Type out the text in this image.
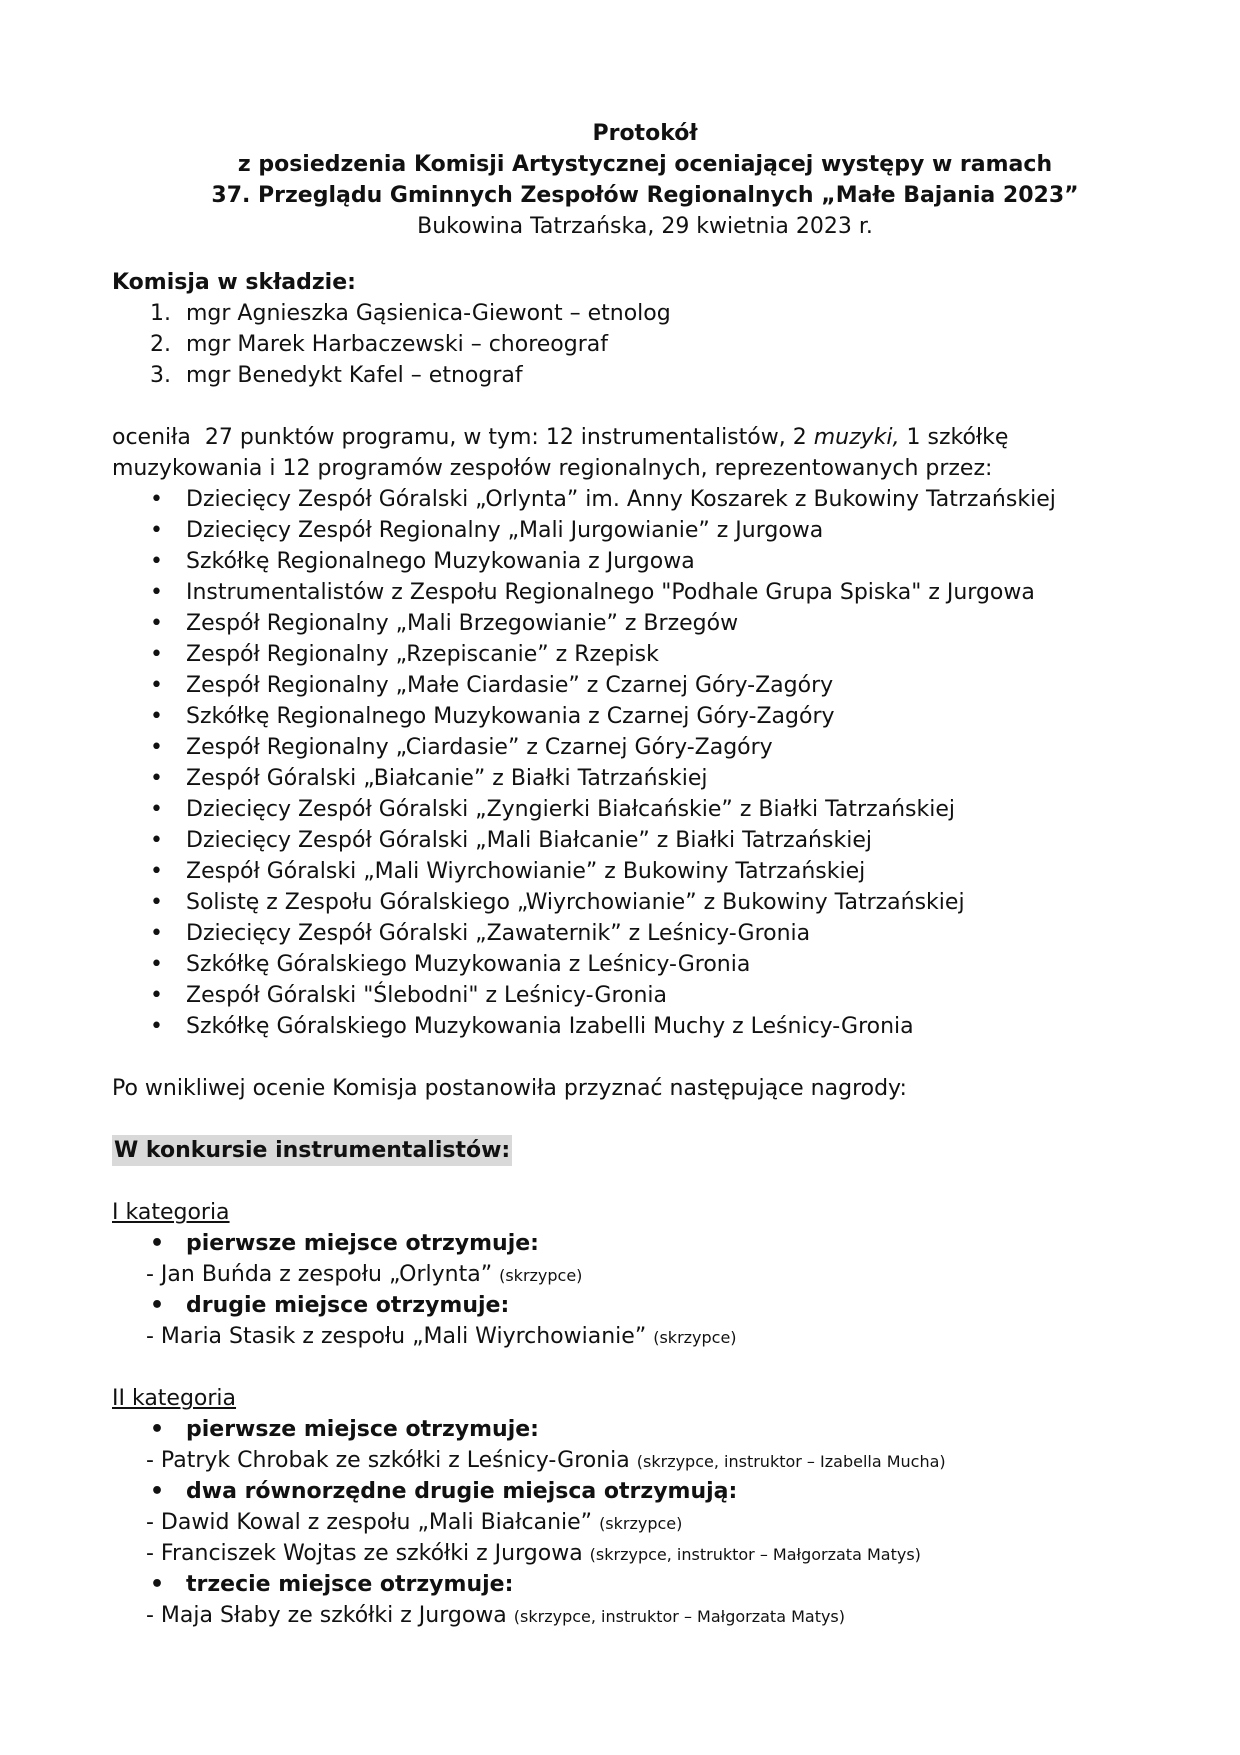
Protokół
z posiedzenia Komisji Artystycznej oceniającej występy w ramach
37. Przeglądu Gminnych Zespołów Regionalnych „Małe Bajania 2023”
Bukowina Tatrzańska, 29 kwietnia 2023 r.
Komisja w składzie:
1. mgr Agnieszka Gąsienica-Giewont – etnolog
2. mgr Marek Harbaczewski – choreograf
3. mgr Benedykt Kafel – etnograf
oceniła  27 punktów programu, w tym: 12 instrumentalistów, 2 muzyki, 1 szkółkę
muzykowania i 12 programów zespołów regionalnych, reprezentowanych przez:
• Dziecięcy Zespół Góralski „Orlynta” im. Anny Koszarek z Bukowiny Tatrzańskiej
• Dziecięcy Zespół Regionalny „Mali Jurgowianie” z Jurgowa
• Szkółkę Regionalnego Muzykowania z Jurgowa
• Instrumentalistów z Zespołu Regionalnego "Podhale Grupa Spiska" z Jurgowa
• Zespół Regionalny „Mali Brzegowianie” z Brzegów
• Zespół Regionalny „Rzepiscanie” z Rzepisk
• Zespół Regionalny „Małe Ciardasie” z Czarnej Góry-Zagóry
• Szkółkę Regionalnego Muzykowania z Czarnej Góry-Zagóry
• Zespół Regionalny „Ciardasie” z Czarnej Góry-Zagóry
• Zespół Góralski „Białcanie” z Białki Tatrzańskiej
• Dziecięcy Zespół Góralski „Zyngierki Białcańskie” z Białki Tatrzańskiej
• Dziecięcy Zespół Góralski „Mali Białcanie” z Białki Tatrzańskiej
• Zespół Góralski „Mali Wiyrchowianie” z Bukowiny Tatrzańskiej
• Solistę z Zespołu Góralskiego „Wiyrchowianie” z Bukowiny Tatrzańskiej
• Dziecięcy Zespół Góralski „Zawaternik” z Leśnicy-Gronia
• Szkółkę Góralskiego Muzykowania z Leśnicy-Gronia
• Zespół Góralski "Ślebodni" z Leśnicy-Gronia
• Szkółkę Góralskiego Muzykowania Izabelli Muchy z Leśnicy-Gronia
Po wnikliwej ocenie Komisja postanowiła przyznać następujące nagrody:
W konkursie instrumentalistów:
I kategoria
• pierwsze miejsce otrzymuje:
- Jan Buńda z zespołu „Orlynta” (skrzypce)
• drugie miejsce otrzymuje:
- Maria Stasik z zespołu „Mali Wiyrchowianie” (skrzypce)
II kategoria
• pierwsze miejsce otrzymuje:
- Patryk Chrobak ze szkółki z Leśnicy-Gronia (skrzypce, instruktor – Izabella Mucha)
• dwa równorzędne drugie miejsca otrzymują:
- Dawid Kowal z zespołu „Mali Białcanie” (skrzypce)
- Franciszek Wojtas ze szkółki z Jurgowa (skrzypce, instruktor – Małgorzata Matys)
• trzecie miejsce otrzymuje:
- Maja Słaby ze szkółki z Jurgowa (skrzypce, instruktor – Małgorzata Matys)
